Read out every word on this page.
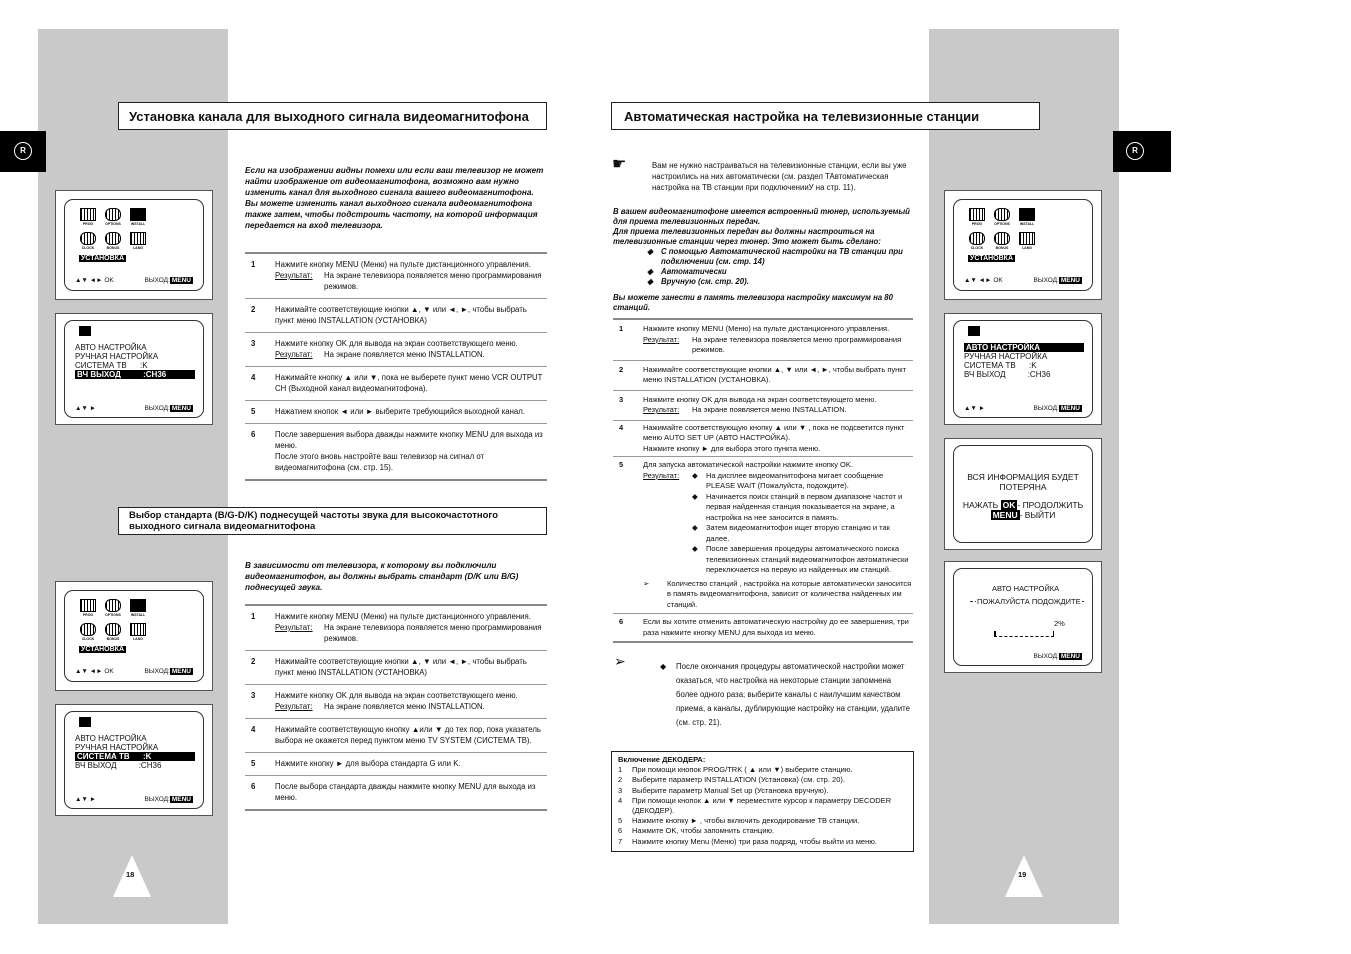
R	R
Установка канала для выходного сигнала видеомагнитофона
Если на изображении видны помехи или если ваш телевизор не может найти изображение от видеомагнитофона, возможно вам нужно изменить канал для выходного сигнала вашего видеомагнитофона.
Вы можете изменить канал выходного сигнала видеомагнитофона также затем, чтобы подстроить частоту, на которой информация передается на вход телевизора.
1	Нажмите кнопку MENU (Меню) на пульте дистанционного управления.
Результат:	На экране телевизора появляется меню программирования режимов.
2	Нажимайте соответствующие кнопки ▲, ▼ или ◄, ►, чтобы выбрать пункт меню INSTALLATION (УСТАНОВКА)
3	Нажмите кнопку OK для вывода на экран соответствующего меню.
Результат:	На экране появляется меню INSTALLATION.
4	Нажимайте кнопку ▲ или ▼, пока не выберете пункт меню VCR OUTPUT CH (Выходной канал видеомагнитофона).
5	Нажатием кнопок ◄ или ► выберите требующийся выходной канал.
6	После завершения выбора дважды нажмите кнопку MENU для выхода из меню.
После этого вновь настройте ваш телевизор на сигнал от видеомагнитофона (см. стр. 15).
Выбор стандарта (B/G-D/K) поднесущей частоты звука для высокочастотного
выходного сигнала видеомагнитофона
В зависимости от телевизора, к которому вы подключили видеомагнитофон, вы должны выбрать стандарт (D/K или B/G) поднесущей звука.
1	Нажмите кнопку MENU (Меню) на пульте дистанционного управления.
Результат:	На экране телевизора появляется меню программирования режимов.
2	Нажимайте соответствующие кнопки ▲, ▼ или ◄, ►, чтобы выбрать пункт меню INSTALLATION (УСТАНОВКА)
3	Нажмите кнопку OK для вывода на экран соответствующего меню.
Результат:	На экране появляется меню INSTALLATION.
4	Нажимайте соответствующую кнопку ▲или ▼ до тех пор, пока указатель выбора не окажется перед пунктом меню TV SYSTEM (СИСТЕМА ТВ).
5	Нажмите кнопку ► для выбора стандарта G или K.
6	После выбора стандарта дважды нажмите кнопку MENU для выхода из меню.
18
Автоматическая настройка на телевизионные станции
☛	Вам не нужно настраиваться на телевизионные станции, если вы уже настроились на них автоматически (см. раздел ТАвтоматическая настройка на ТВ станции при подключенииУ на стр. 11).
В вашем видеомагнитофоне имеется встроенный тюнер, используемый для приема телевизионных передач.
Для приема телевизионных передач вы должны настроиться на телевизионные станции через тюнер. Это может быть сделано:
◆	С помощью Автоматической настройки на ТВ станции при подключении (см. стр. 14)
◆	Автоматически
◆	Вручную (см. стр. 20).
Вы можете занести в память телевизора настройку максимум на 80 станций.
1	Нажмите кнопку MENU (Меню) на пульте дистанционного управления.
Результат:	На экране телевизора появляется меню программирования режимов.
2	Нажимайте соответствующие кнопки ▲, ▼ или ◄, ►, чтобы выбрать пункт меню INSTALLATION (УСТАНОВКА).
3	Нажмите кнопку OK для вывода на экран соответствующего меню.
Результат:	На экране появляется меню INSTALLATION.
4	Нажимайте соответствующую кнопку ▲ или ▼ , пока не подсветится пункт меню AUTO SET UP (АВТО НАСТРОЙКА).
Нажмите кнопку ► для выбора этого пункта меню.
5	Для запуска автоматической настройки нажмите кнопку OK.
Результат:	◆	На дисплее видеомагнитофона мигает сообщение PLEASE WAIT (Пожалуйста, подождите).
◆	Начинается поиск станций в первом диапазоне частот и первая найденная станция показывается на экране, а настройка на нее заносится в память.
◆	Затем видеомагнитофон ищет вторую станцию и так далее.
◆	После завершения процедуры автоматического поиска телевизионных станций видеомагнитофон автоматически переключается на первую из найденных им станций.
➢	Количество станций , настройка на которые автоматически заносится в память видеомагнитофона, зависит от количества найденных им станций.
6	Если вы хотите отменить автоматическую настройку до ее завершения, три раза нажмите кнопку MENU для выхода из меню.
➢	◆	После окончания процедуры автоматической настройки может оказаться, что настройка на некоторые станции запомнена более одного раза; выберите каналы с наилучшим качеством приема, а каналы, дублирующие настройку на станции, удалите (см. стр. 21).
Включение ДЕКОДЕРА:
1	При помощи кнопок PROG/TRK ( ▲ или ▼) выберите станцию.
2	Выберите параметр INSTALLATION (Установка) (см. стр. 20).
3	Выберите параметр Manual Set up (Установка вручную).
4	При помощи кнопок ▲ или ▼ переместите курсор к параметру DECODER (ДЕКОДЕР).
5	Нажмите кнопку ► , чтобы включить декодирование ТВ станции.
6	Нажмите OK, чтобы запомнить станцию.
7	Нажмите кнопку Menu (Меню) три раза подряд, чтобы выйти из меню.
19
PROG	OPTIONS	INSTALL
CLOCK	BONUS	LANG
УСТАНОВКА
▲▼ ◄► OK	ВЫХОД: MENU
АВТО НАСТРОЙКА
РУЧНАЯ НАСТРОЙКА
СИСТЕМА ТВ      :K
ВЧ ВЫХОД          :CH36
▲▼ ►	ВЫХОД: MENU
PROG	OPTIONS	INSTALL
CLOCK	BONUS	LANG
УСТАНОВКА
▲▼ ◄► OK	ВЫХОД: MENU
АВТО НАСТРОЙКА
РУЧНАЯ НАСТРОЙКА
СИСТЕМА ТВ      :K
ВЧ ВЫХОД          :CH36
▲▼ ►	ВЫХОД: MENU
PROG	OPTIONS	INSTALL
CLOCK	BONUS	LANG
УСТАНОВКА
▲▼ ◄► OK	ВЫХОД: MENU
АВТО НАСТРОЙКА
РУЧНАЯ НАСТРОЙКА
СИСТЕМА ТВ      :K
ВЧ ВЫХОД          :CH36
▲▼ ►	ВЫХОД: MENU
ВСЯ ИНФОРМАЦИЯ БУДЕТ
ПОТЕРЯНА
НАЖАТЬ OK - ПРОДОЛЖИТЬ
MENU - ВЫЙТИ
АВТО НАСТРОЙКА
ПОЖАЛУЙСТА ПОДОЖДИТЕ
2%
ВЫХОД: MENU
